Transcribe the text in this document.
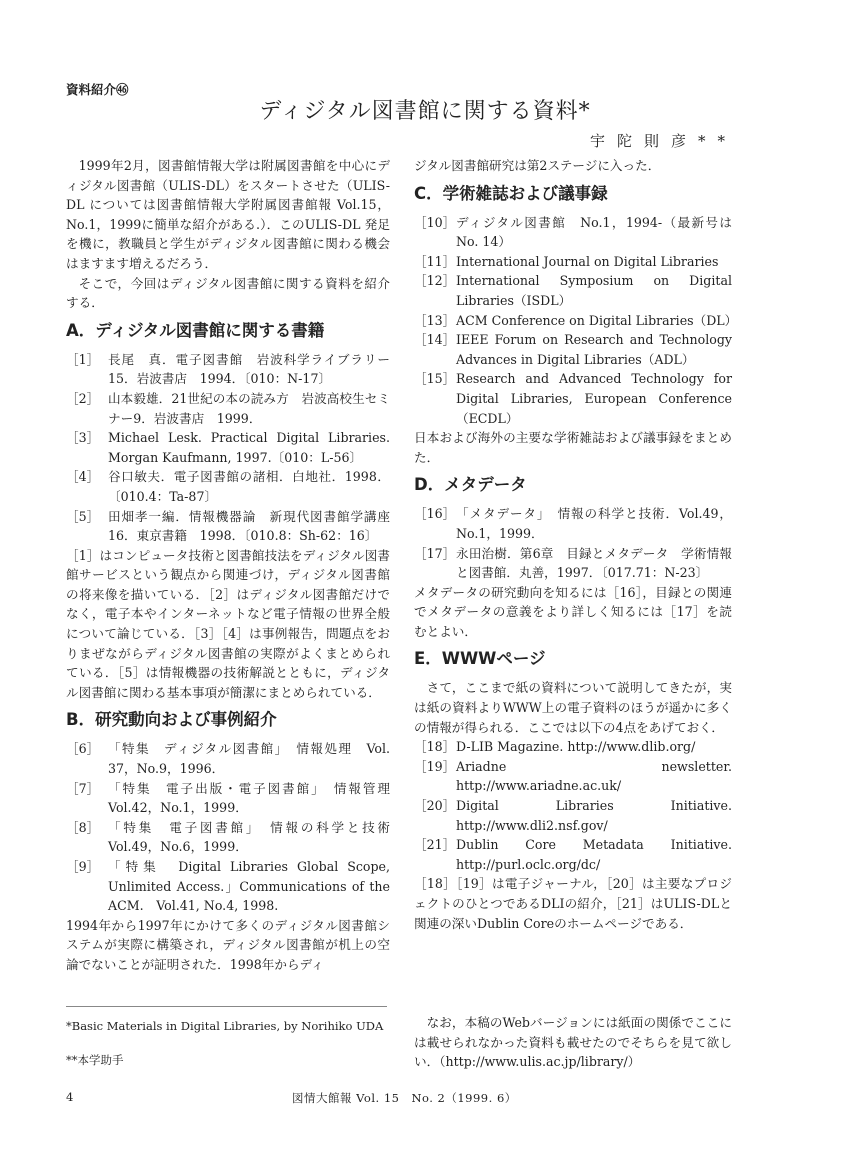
資料紹介㊻
ディジタル図書館に関する資料*
宇陀則彦**

1999年2月，図書館情報大学は附属図書館を中心にディジタル図書館（ULIS-DL）をスタートさせた（ULIS-DL については図書館情報大学附属図書館報 Vol.15，No.1，1999に簡単な紹介がある.）．このULIS-DL 発足を機に，教職員と学生がディジタル図書館に関わる機会はますます増えるだろう．

そこで，今回はディジタル図書館に関する資料を紹介する．

A．ディジタル図書館に関する書籍
［1］ 長尾　真．電子図書館　岩波科学ライブラリー15．岩波書店　1994．〔010：N-17〕
［2］ 山本毅雄．21世紀の本の読み方　岩波高校生セミナー9．岩波書店　1999．
［3］ Michael Lesk. Practical Digital Libraries. Morgan Kaufmann, 1997.〔010：L-56〕
［4］ 谷口敏夫．電子図書館の諸相．白地社．1998．〔010.4：Ta-87〕
［5］ 田畑孝一編．情報機器論　新現代図書館学講座16．東京書籍　1998．〔010.8：Sh-62：16〕

［1］はコンピュータ技術と図書館技法をディジタル図書館サービスという観点から関連づけ，ディジタル図書館の将来像を描いている．［2］はディジタル図書館だけでなく，電子本やインターネットなど電子情報の世界全般について論じている．［3］［4］は事例報告，問題点をおりまぜながらディジタル図書館の実際がよくまとめられている．［5］は情報機器の技術解説とともに，ディジタル図書館に関わる基本事項が簡潔にまとめられている．

B．研究動向および事例紹介
［6］ 「特集　ディジタル図書館」　情報処理　Vol. 37，No.9，1996．
［7］ 「特集　電子出版・電子図書館」　情報管理 Vol.42，No.1，1999．
［8］ 「特集　電子図書館」　情報の科学と技術 Vol.49，No.6，1999．
［9］ 「特集　Digital Libraries Global Scope, Unlimited Access.」Communications of the ACM.　Vol.41, No.4, 1998.

1994年から1997年にかけて多くのディジタル図書館システムが実際に構築され，ディジタル図書館が机上の空論でないことが証明された．1998年からディ

ジタル図書館研究は第2ステージに入った．

C．学術雑誌および議事録
［10］ ディジタル図書館　No.1，1994-（最新号は No. 14）
［11］ International Journal on Digital Libraries
［12］ International Symposium on Digital Libraries（ISDL）
［13］ ACM Conference on Digital Libraries（DL）
［14］ IEEE Forum on Research and Technology Advances in Digital Libraries（ADL）
［15］ Research and Advanced Technology for Digital Libraries, European Conference（ECDL）

日本および海外の主要な学術雑誌および議事録をまとめた．

D．メタデータ
［16］ 「メタデータ」　情報の科学と技術．Vol.49，No.1，1999．
［17］ 永田治樹．第6章　目録とメタデータ　学術情報と図書館．丸善，1997．〔017.71：N-23〕

メタデータの研究動向を知るには［16］，目録との関連でメタデータの意義をより詳しく知るには［17］を読むとよい．

E．WWWページ

さて，ここまで紙の資料について説明してきたが，実は紙の資料よりWWW上の電子資料のほうが遥かに多くの情報が得られる．ここでは以下の4点をあげておく．

［18］ D-LIB Magazine. http://www.dlib.org/
［19］ Ariadne newsletter. http://www.ariadne.ac.uk/
［20］ Digital Libraries Initiative. http://www.dli2.nsf.gov/
［21］ Dublin Core Metadata Initiative. http://purl.oclc.org/dc/

［18］［19］は電子ジャーナル，［20］は主要なプロジェクトのひとつであるDLIの紹介，［21］はULIS-DLと関連の深いDublin Coreのホームページである．

*Basic Materials in Digital Libraries, by Norihiko UDA
**本学助手

なお，本稿のWebバージョンには紙面の関係でここには載せられなかった資料も載せたのでそちらを見て欲しい．（http://www.ulis.ac.jp/library/）

4	図情大館報 Vol. 15　No. 2（1999. 6）
